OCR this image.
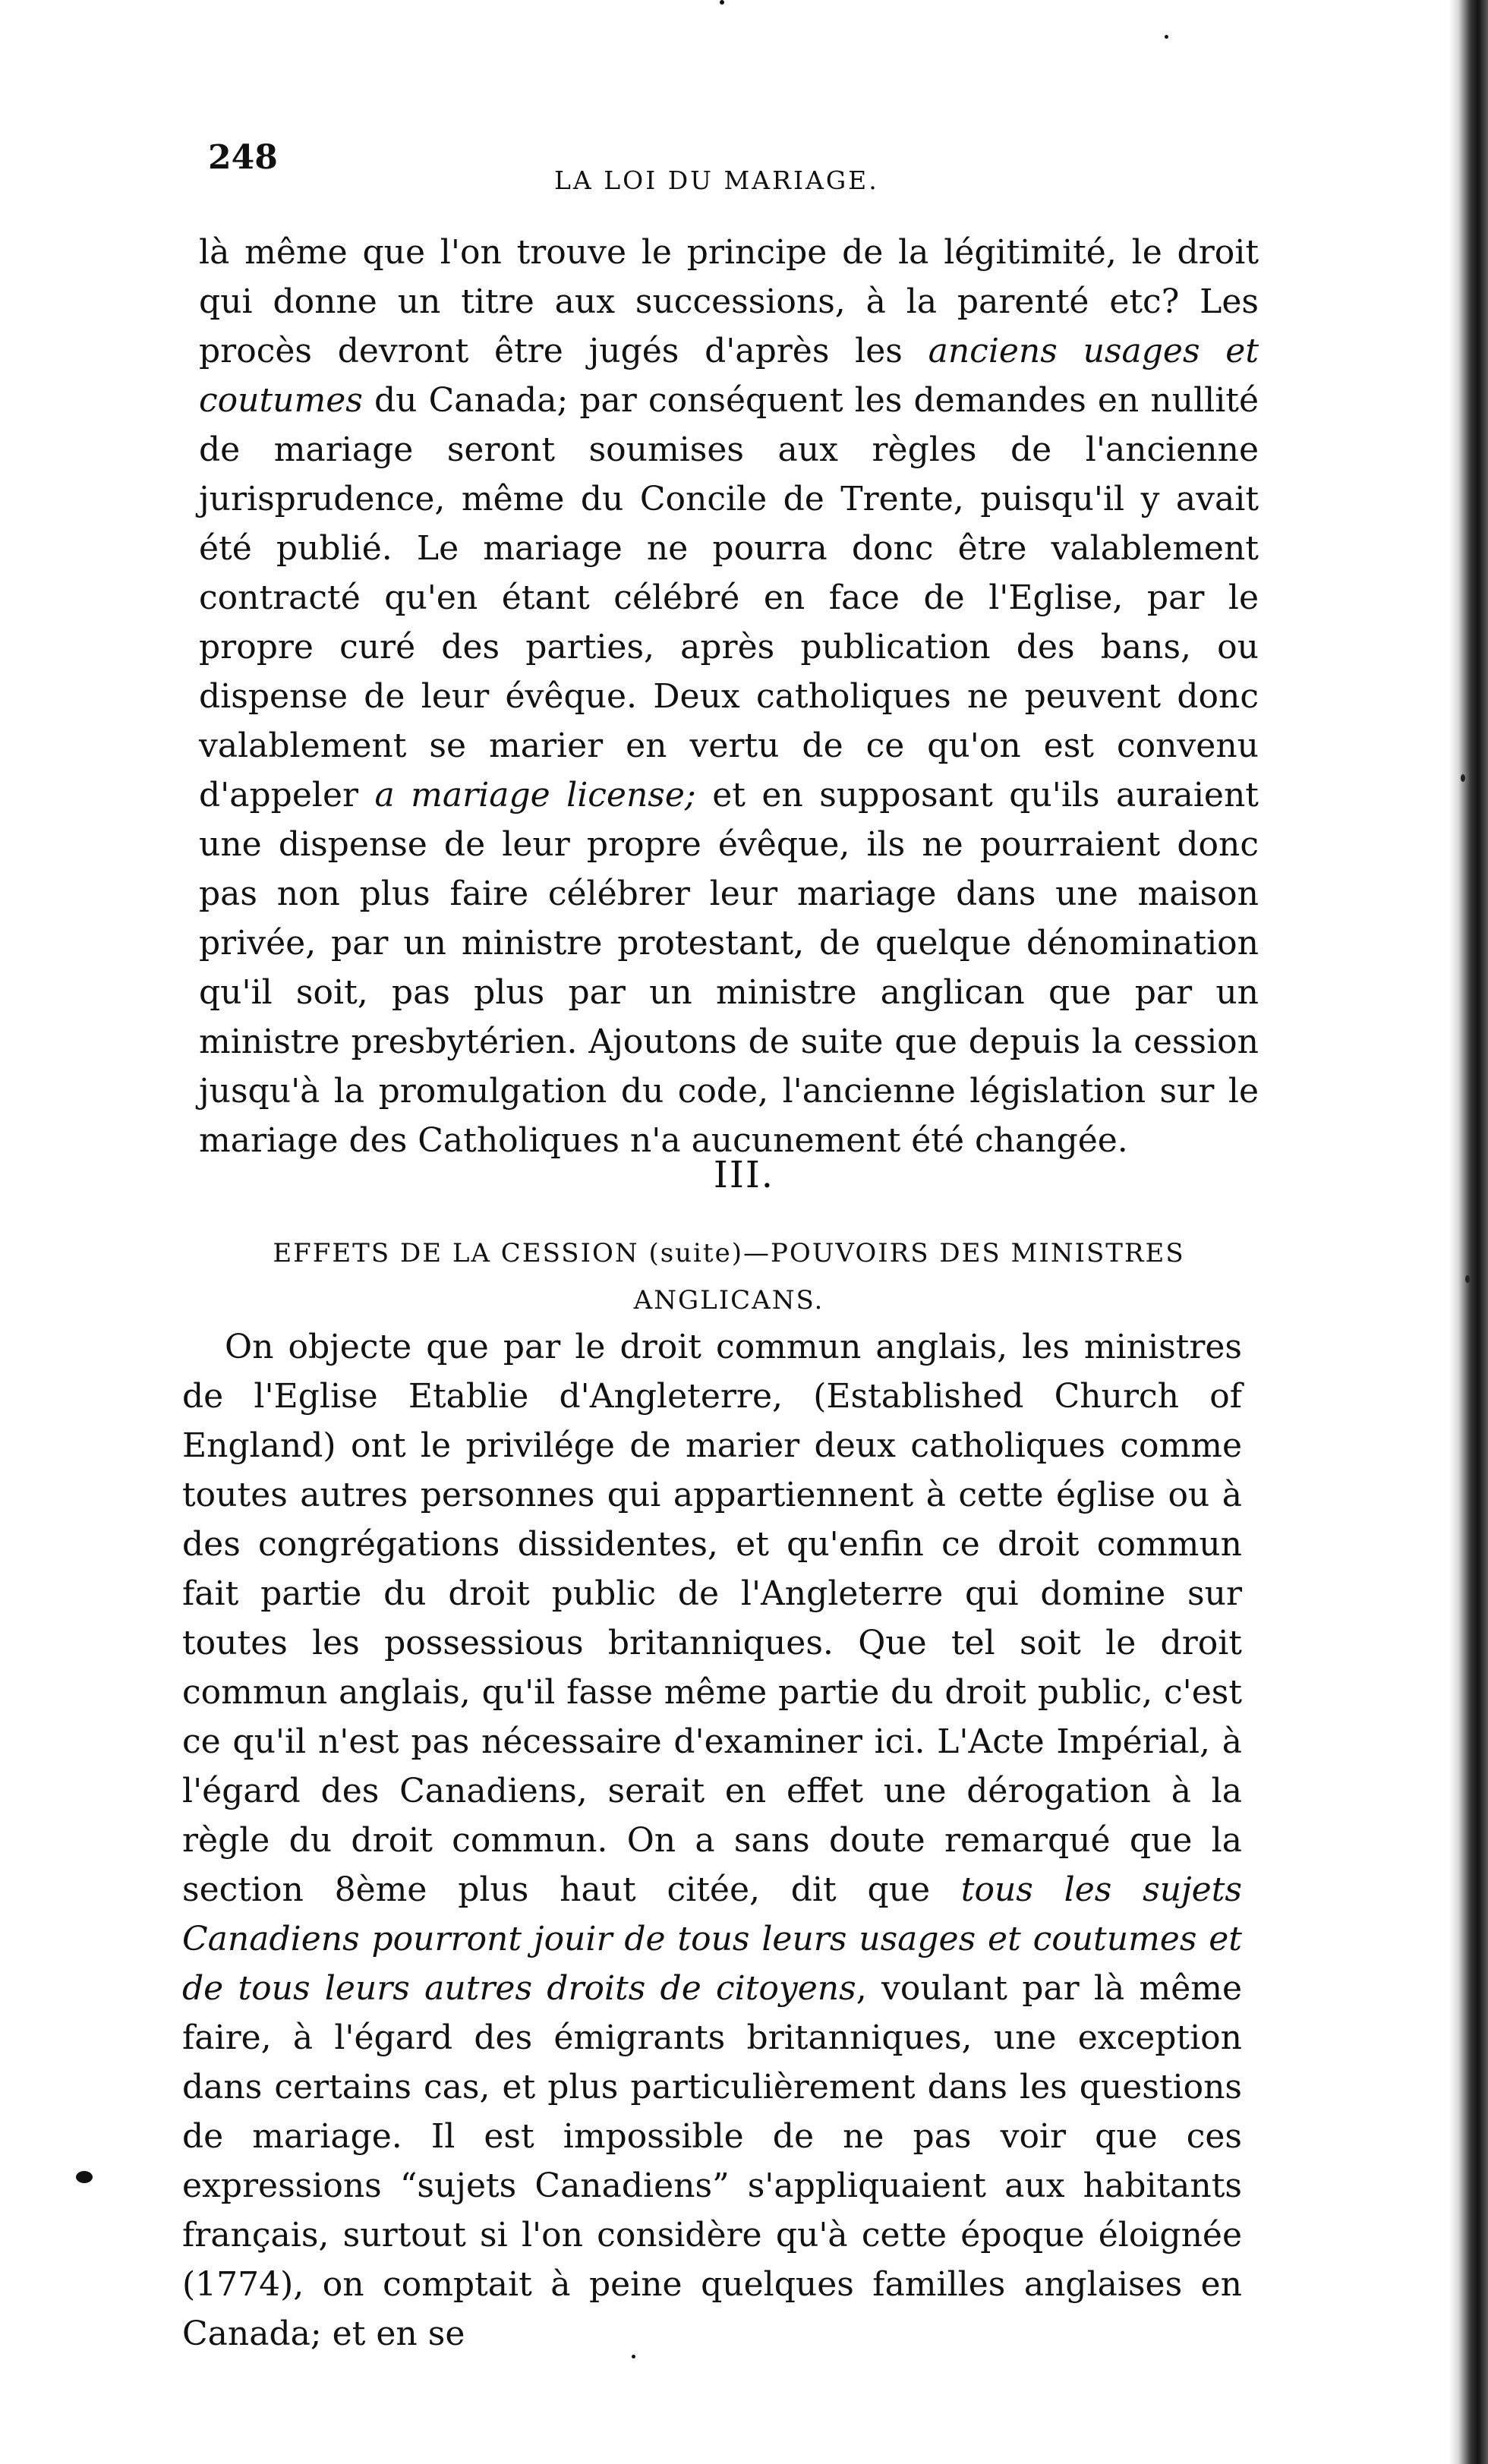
248
LA LOI DU MARIAGE.

là même que l'on trouve le principe de la légitimité, le droit qui donne un titre aux successions, à la parenté etc? Les procès devront être jugés d'après les anciens usages et coutumes du Canada; par conséquent les demandes en nullité de mariage seront soumises aux règles de l'ancienne jurisprudence, même du Concile de Trente, puisqu'il y avait été publié. Le mariage ne pourra donc être valablement contracté qu'en étant célébré en face de l'Eglise, par le propre curé des parties, après publication des bans, ou dispense de leur évêque. Deux catholiques ne peuvent donc valablement se marier en vertu de ce qu'on est convenu d'appeler a mariage license; et en supposant qu'ils auraient une dispense de leur propre évêque, ils ne pourraient donc pas non plus faire célébrer leur mariage dans une maison privée, par un ministre protestant, de quelque dénomination qu'il soit, pas plus par un ministre anglican que par un ministre presbytérien. Ajoutons de suite que depuis la cession jusqu'à la promulgation du code, l'ancienne législation sur le mariage des Catholiques n'a aucunement été changée.

III.
EFFETS DE LA CESSION (suite)—POUVOIRS DES MINISTRES
ANGLICANS.

On objecte que par le droit commun anglais, les ministres de l'Eglise Etablie d'Angleterre, (Established Church of England) ont le privilége de marier deux catholiques comme toutes autres personnes qui appartiennent à cette église ou à des congrégations dissidentes, et qu'enfin ce droit commun fait partie du droit public de l'Angleterre qui domine sur toutes les possessious britanniques. Que tel soit le droit commun anglais, qu'il fasse même partie du droit public, c'est ce qu'il n'est pas nécessaire d'examiner ici. L'Acte Impérial, à l'égard des Canadiens, serait en effet une dérogation à la règle du droit commun. On a sans doute remarqué que la section 8ème plus haut citée, dit que tous les sujets Canadiens pourront jouir de tous leurs usages et coutumes et de tous leurs autres droits de citoyens, voulant par là même faire, à l'égard des émigrants britanniques, une exception dans certains cas, et plus particulièrement dans les questions de mariage. Il est impossible de ne pas voir que ces expressions “sujets Canadiens” s'appliquaient aux habitants français, surtout si l'on considère qu'à cette époque éloignée (1774), on comptait à peine quelques familles anglaises en Canada; et en se
